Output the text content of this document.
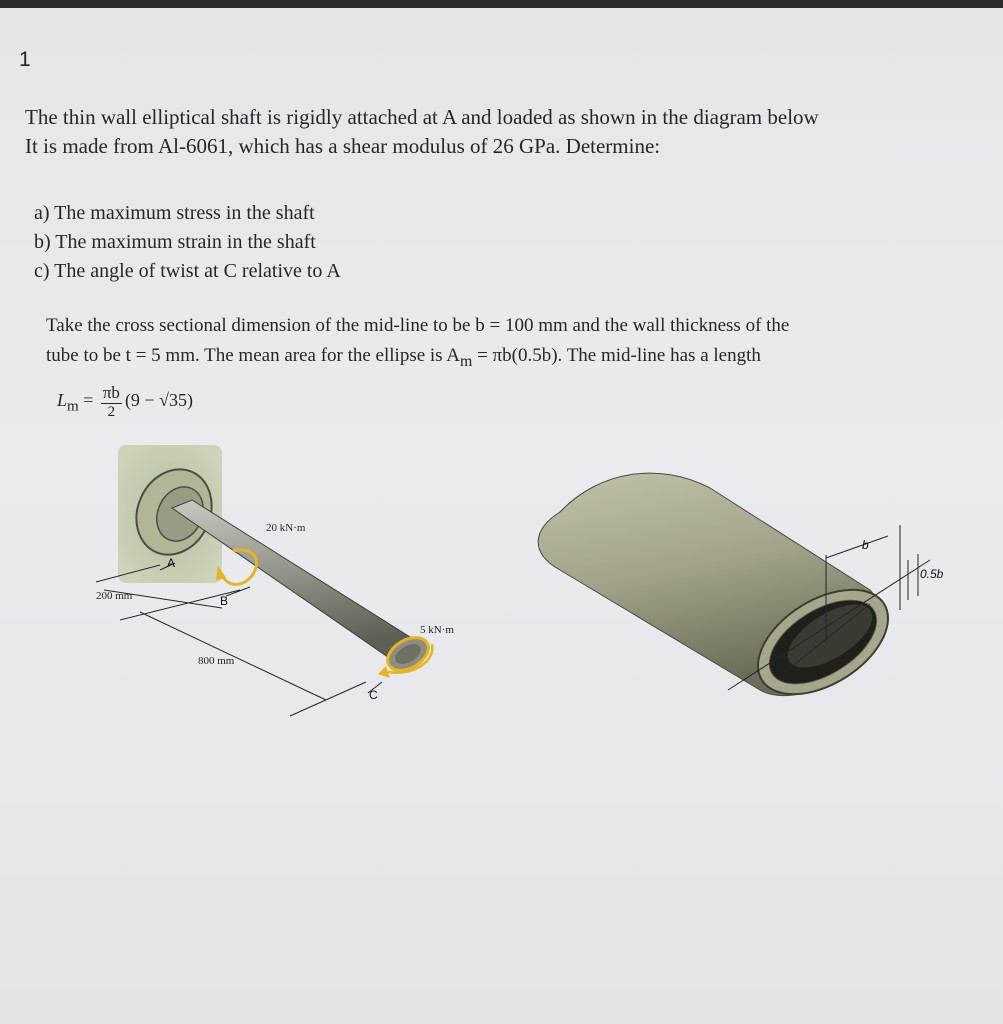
1
The thin wall elliptical shaft is rigidly attached at A and loaded as shown in the diagram below
It is made from Al-6061, which has a shear modulus of 26 GPa. Determine:
a) The maximum stress in the shaft
b) The maximum strain in the shaft
c) The angle of twist at C relative to A
Take the cross sectional dimension of the mid-line to be b = 100 mm and the wall thickness of the
tube to be t = 5 mm. The mean area for the ellipse is $A_m = \pi b(0.5b)$. The mid-line has a length
$L_m = \frac{\pi b}{2} (9 - √35)$
20 kN·m
5 kN·m
200 mm
800 mm
A
B
C
b
0.5b
